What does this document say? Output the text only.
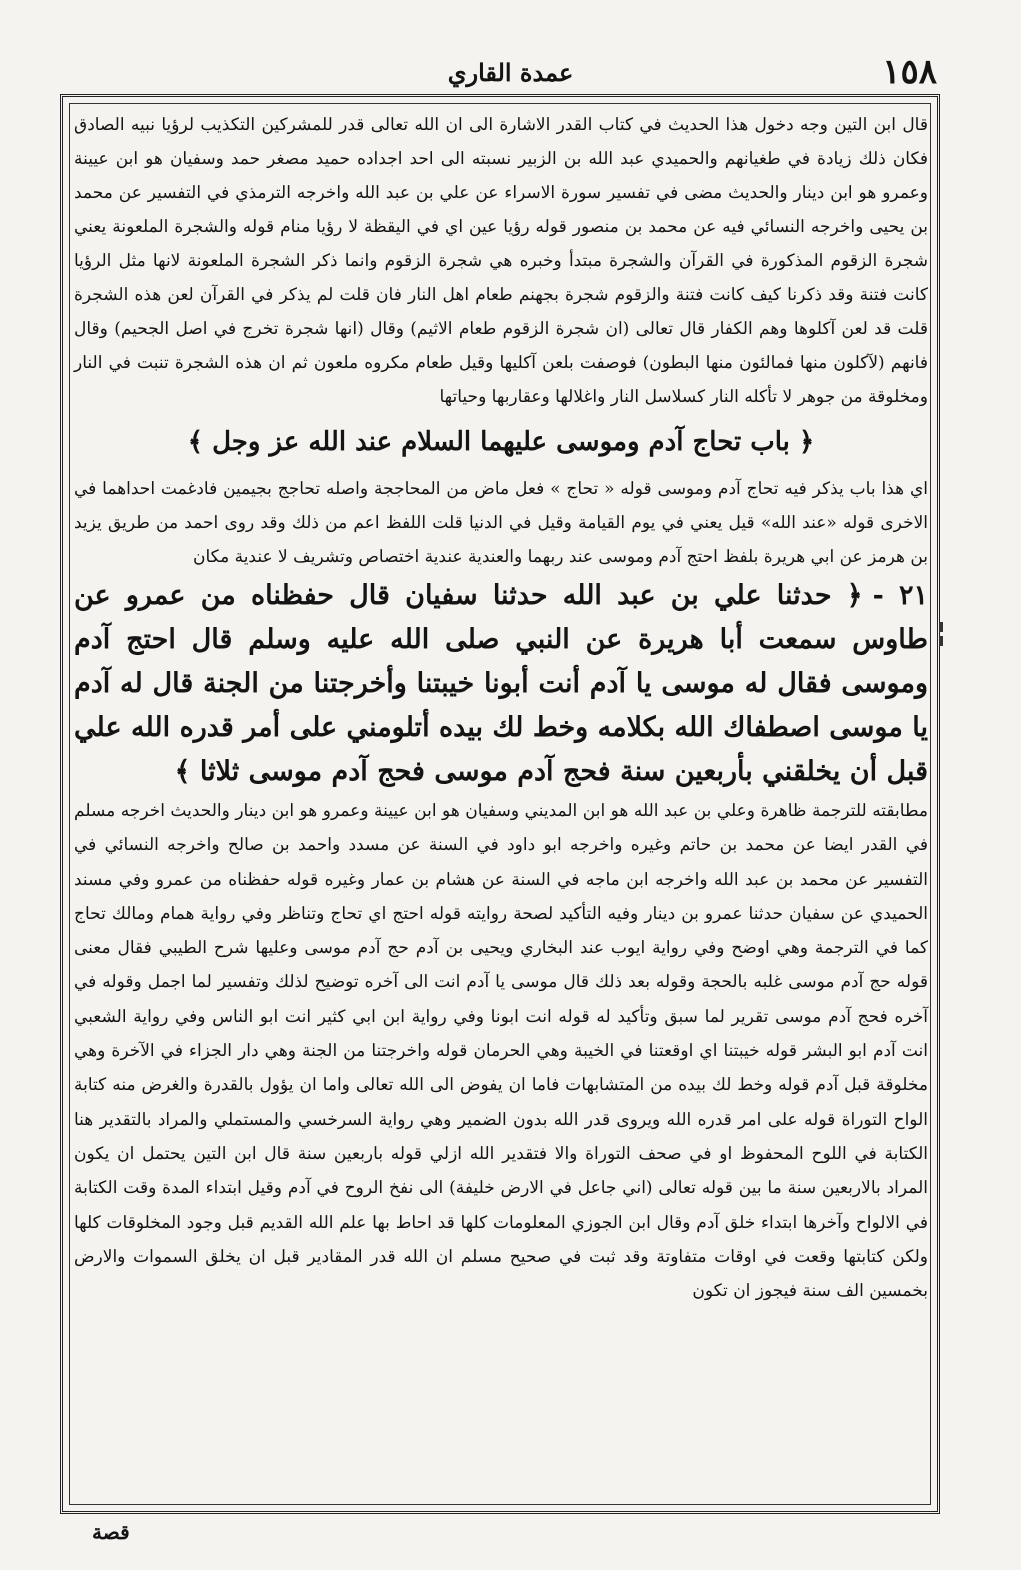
١٥٨
عمدة القاري

قال ابن التين وجه دخول هذا الحديث في كتاب القدر الاشارة الى ان الله تعالى قدر للمشركين التكذيب لرؤيا نبيه الصادق فكان ذلك زيادة في طغيانهم والحميدي عبد الله بن الزبير نسبته الى احد اجداده حميد مصغر حمد وسفيان هو ابن عيينة وعمرو هو ابن دينار والحديث مضى في تفسير سورة الاسراء عن علي بن عبد الله واخرجه الترمذي في التفسير عن محمد بن يحيى واخرجه النسائي فيه عن محمد بن منصور قوله رؤيا عين اي في اليقظة لا رؤيا منام قوله والشجرة الملعونة يعني شجرة الزقوم المذكورة في القرآن والشجرة مبتدأ وخبره هي شجرة الزقوم وانما ذكر الشجرة الملعونة لانها مثل الرؤيا كانت فتنة وقد ذكرنا كيف كانت فتنة والزقوم شجرة بجهنم طعام اهل النار فان قلت لم يذكر في القرآن لعن هذه الشجرة قلت قد لعن آكلوها وهم الكفار قال تعالى (ان شجرة الزقوم طعام الاثيم) وقال (انها شجرة تخرج في اصل الجحيم) وقال فانهم (لآكلون منها فمالئون منها البطون) فوصفت بلعن آكليها وقيل طعام مكروه ملعون ثم ان هذه الشجرة تنبت في النار ومخلوقة من جوهر لا تأكله النار كسلاسل النار واغلالها وعقاربها وحياتها

﴿ باب تحاج آدم وموسى عليهما السلام عند الله عز وجل ﴾

اي هذا باب يذكر فيه تحاج آدم وموسى قوله « تحاج » فعل ماض من المحاججة واصله تحاجج بجيمين فادغمت احداهما في الاخرى قوله «عند الله» قيل يعني في يوم القيامة وقيل في الدنيا قلت اللفظ اعم من ذلك وقد روى احمد من طريق يزيد بن هرمز عن ابي هريرة بلفظ احتج آدم وموسى عند ربهما والعندية عندية اختصاص وتشريف لا عندية مكان

٢١ -﴿ حدثنا علي بن عبد الله حدثنا سفيان قال حفظناه من عمرو عن طاوس سمعت أبا هريرة عن النبي صلى الله عليه وسلم قال احتج آدم وموسى فقال له موسى يا آدم أنت أبونا خيبتنا وأخرجتنا من الجنة قال له آدم يا موسى اصطفاك الله بكلامه وخط لك بيده أتلومني على أمر قدره الله علي قبل أن يخلقني بأربعين سنة فحج آدم موسى فحج آدم موسى ثلاثا ﴾

مطابقته للترجمة ظاهرة وعلي بن عبد الله هو ابن المديني وسفيان هو ابن عيينة وعمرو هو ابن دينار والحديث اخرجه مسلم في القدر ايضا عن محمد بن حاتم وغيره واخرجه ابو داود في السنة عن مسدد واحمد بن صالح واخرجه النسائي في التفسير عن محمد بن عبد الله واخرجه ابن ماجه في السنة عن هشام بن عمار وغيره قوله حفظناه من عمرو وفي مسند الحميدي عن سفيان حدثنا عمرو بن دينار وفيه التأكيد لصحة روايته قوله احتج اي تحاج وتناظر وفي رواية همام ومالك تحاج كما في الترجمة وهي اوضح وفي رواية ايوب عند البخاري ويحيى بن آدم حج آدم موسى وعليها شرح الطيبي فقال معنى قوله حج آدم موسى غلبه بالحجة وقوله بعد ذلك قال موسى يا آدم انت الى آخره توضيح لذلك وتفسير لما اجمل وقوله في آخره فحج آدم موسى تقرير لما سبق وتأكيد له قوله انت ابونا وفي رواية ابن ابي كثير انت ابو الناس وفي رواية الشعبي انت آدم ابو البشر قوله خيبتنا اي اوقعتنا في الخيبة وهي الحرمان قوله واخرجتنا من الجنة وهي دار الجزاء في الآخرة وهي مخلوقة قبل آدم قوله وخط لك بيده من المتشابهات فاما ان يفوض الى الله تعالى واما ان يؤول بالقدرة والغرض منه كتابة الواح التوراة قوله على امر قدره الله ويروى قدر الله بدون الضمير وهي رواية السرخسي والمستملي والمراد بالتقدير هنا الكتابة في اللوح المحفوظ او في صحف التوراة والا فتقدير الله ازلي قوله باربعين سنة قال ابن التين يحتمل ان يكون المراد بالاربعين سنة ما بين قوله تعالى (اني جاعل في الارض خليفة) الى نفخ الروح في آدم وقيل ابتداء المدة وقت الكتابة في الالواح وآخرها ابتداء خلق آدم وقال ابن الجوزي المعلومات كلها قد احاط بها علم الله القديم قبل وجود المخلوقات كلها ولكن كتابتها وقعت في اوقات متفاوتة وقد ثبت في صحيح مسلم ان الله قدر المقادير قبل ان يخلق السموات والارض بخمسين الف سنة فيجوز ان تكون

قصة
